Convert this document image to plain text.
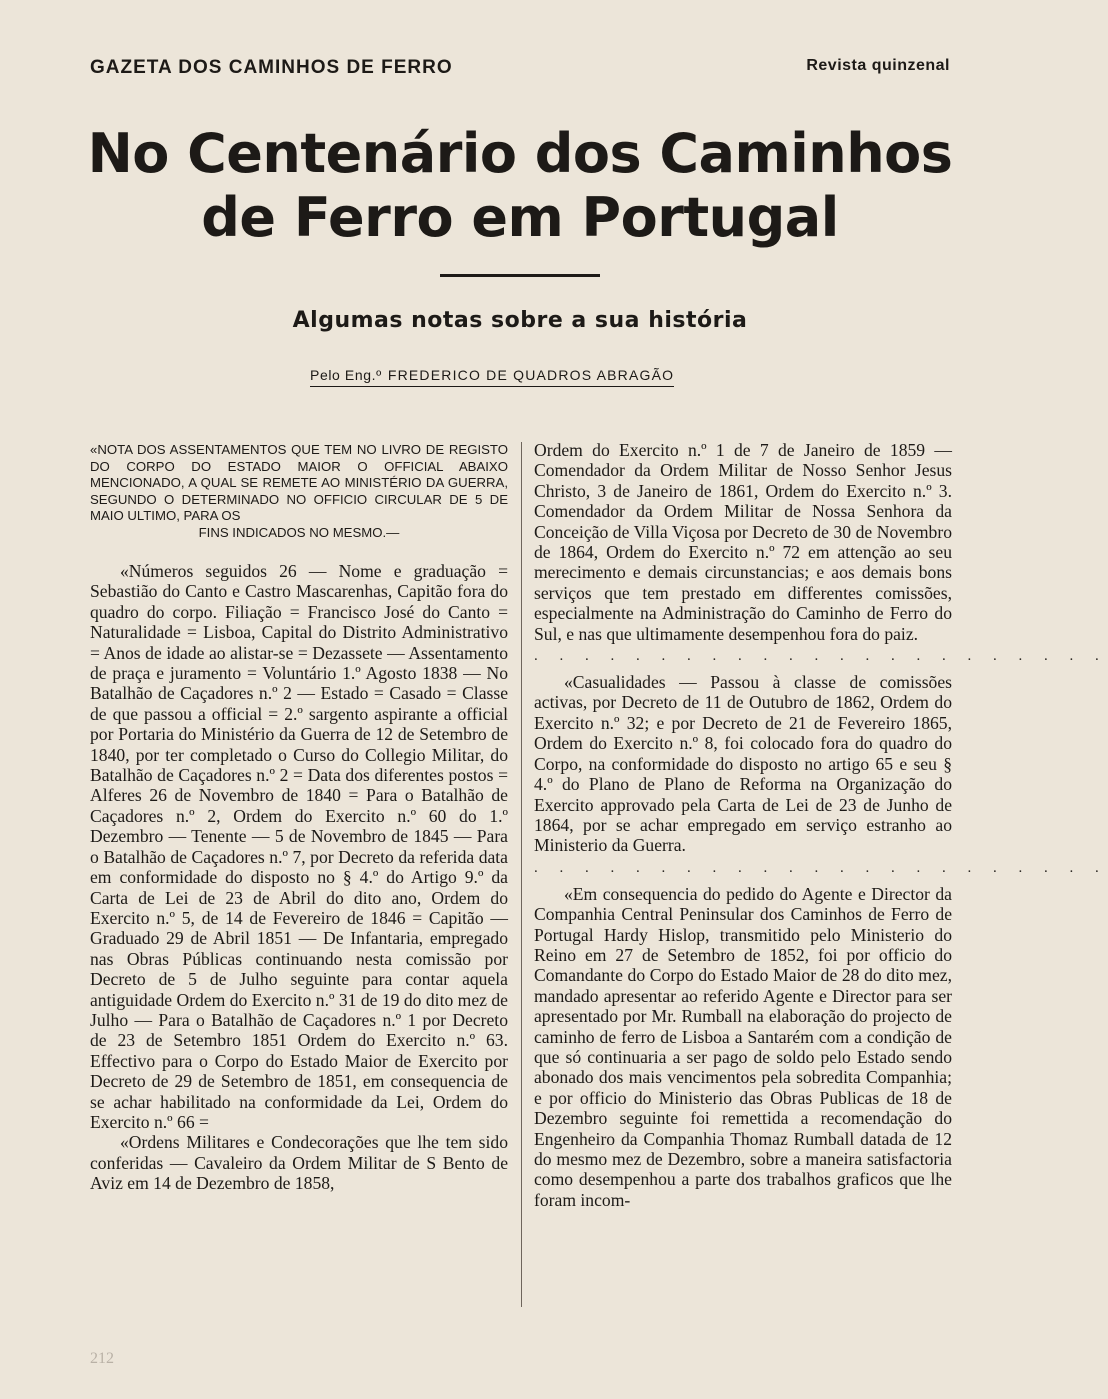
GAZETA DOS CAMINHOS DE FERRO	Revista quinzenal
No Centenário dos Caminhos
de Ferro em Portugal
Algumas notas sobre a sua história
Pelo Eng.º FREDERICO DE QUADROS ABRAGÃO

«NOTA DOS ASSENTAMENTOS QUE TEM NO LIVRO DE REGISTO DO CORPO DO ESTADO MAIOR O OFFICIAL ABAIXO MENCIONADO, A QUAL SE REMETE AO MINISTÉRIO DA GUERRA, SEGUNDO O DETERMINADO NO OFFICIO CIRCULAR DE 5 DE MAIO ULTIMO, PARA OS
FINS INDICADOS NO MESMO.—

«Números seguidos 26 — Nome e graduação = Sebastião do Canto e Castro Mascarenhas, Capitão fora do quadro do corpo. Filiação = Francisco José do Canto = Naturalidade = Lisboa, Capital do Distrito Administrativo = Anos de idade ao alistar-se = Dezassete — Assentamento de praça e juramento = Voluntário 1.º Agosto 1838 — No Batalhão de Caçadores n.º 2 — Estado = Casado = Classe de que passou a official = 2.º sargento aspirante a official por Portaria do Ministério da Guerra de 12 de Setembro de 1840, por ter completado o Curso do Collegio Militar, do Batalhão de Caçadores n.º 2 = Data dos diferentes postos = Alferes 26 de Novembro de 1840 = Para o Batalhão de Caçadores n.º 2, Ordem do Exercito n.º 60 do 1.º Dezembro — Tenente — 5 de Novembro de 1845 — Para o Batalhão de Caçadores n.º 7, por Decreto da referida data em conformidade do disposto no § 4.º do Artigo 9.º da Carta de Lei de 23 de Abril do dito ano, Ordem do Exercito n.º 5, de 14 de Fevereiro de 1846 = Capitão — Graduado 29 de Abril 1851 — De Infantaria, empregado nas Obras Públicas continuando nesta comissão por Decreto de 5 de Julho seguinte para contar aquela antiguidade Ordem do Exercito n.º 31 de 19 do dito mez de Julho — Para o Batalhão de Caçadores n.º 1 por Decreto de 23 de Setembro 1851 Ordem do Exercito n.º 63. Effectivo para o Corpo do Estado Maior de Exercito por Decreto de 29 de Setembro de 1851, em consequencia de se achar habilitado na conformidade da Lei, Ordem do Exercito n.º 66 =

«Ordens Militares e Condecorações que lhe tem sido conferidas — Cavaleiro da Ordem Militar de S Bento de Aviz em 14 de Dezembro de 1858,

Ordem do Exercito n.º 1 de 7 de Janeiro de 1859 — Comendador da Ordem Militar de Nosso Senhor Jesus Christo, 3 de Janeiro de 1861, Ordem do Exercito n.º 3. Comendador da Ordem Militar de Nossa Senhora da Conceição de Villa Viçosa por Decreto de 30 de Novembro de 1864, Ordem do Exercito n.º 72 em attenção ao seu merecimento e demais circunstancias; e aos demais bons serviços que tem prestado em differentes comissões, especialmente na Administração do Caminho de Ferro do Sul, e nas que ultimamente desempenhou fora do paiz.

. . . . . . . . . . . . . . . . . . . . . . .

«Casualidades — Passou à classe de comissões activas, por Decreto de 11 de Outubro de 1862, Ordem do Exercito n.º 32; e por Decreto de 21 de Fevereiro 1865, Ordem do Exercito n.º 8, foi colocado fora do quadro do Corpo, na conformidade do disposto no artigo 65 e seu § 4.º do Plano de Plano de Reforma na Organização do Exercito approvado pela Carta de Lei de 23 de Junho de 1864, por se achar empregado em serviço estranho ao Ministerio da Guerra.

. . . . . . . . . . . . . . . . . . . . . . .

«Em consequencia do pedido do Agente e Director da Companhia Central Peninsular dos Caminhos de Ferro de Portugal Hardy Hislop, transmitido pelo Ministerio do Reino em 27 de Setembro de 1852, foi por officio do Comandante do Corpo do Estado Maior de 28 do dito mez, mandado apresentar ao referido Agente e Director para ser apresentado por Mr. Rumball na elaboração do projecto de caminho de ferro de Lisboa a Santarém com a condição de que só continuaria a ser pago de soldo pelo Estado sendo abonado dos mais vencimentos pela sobredita Companhia; e por officio do Ministerio das Obras Publicas de 18 de Dezembro seguinte foi remettida a recomendação do Engenheiro da Companhia Thomaz Rumball datada de 12 do mesmo mez de Dezembro, sobre a maneira satisfactoria como desempenhou a parte dos trabalhos graficos que lhe foram incom-

212
